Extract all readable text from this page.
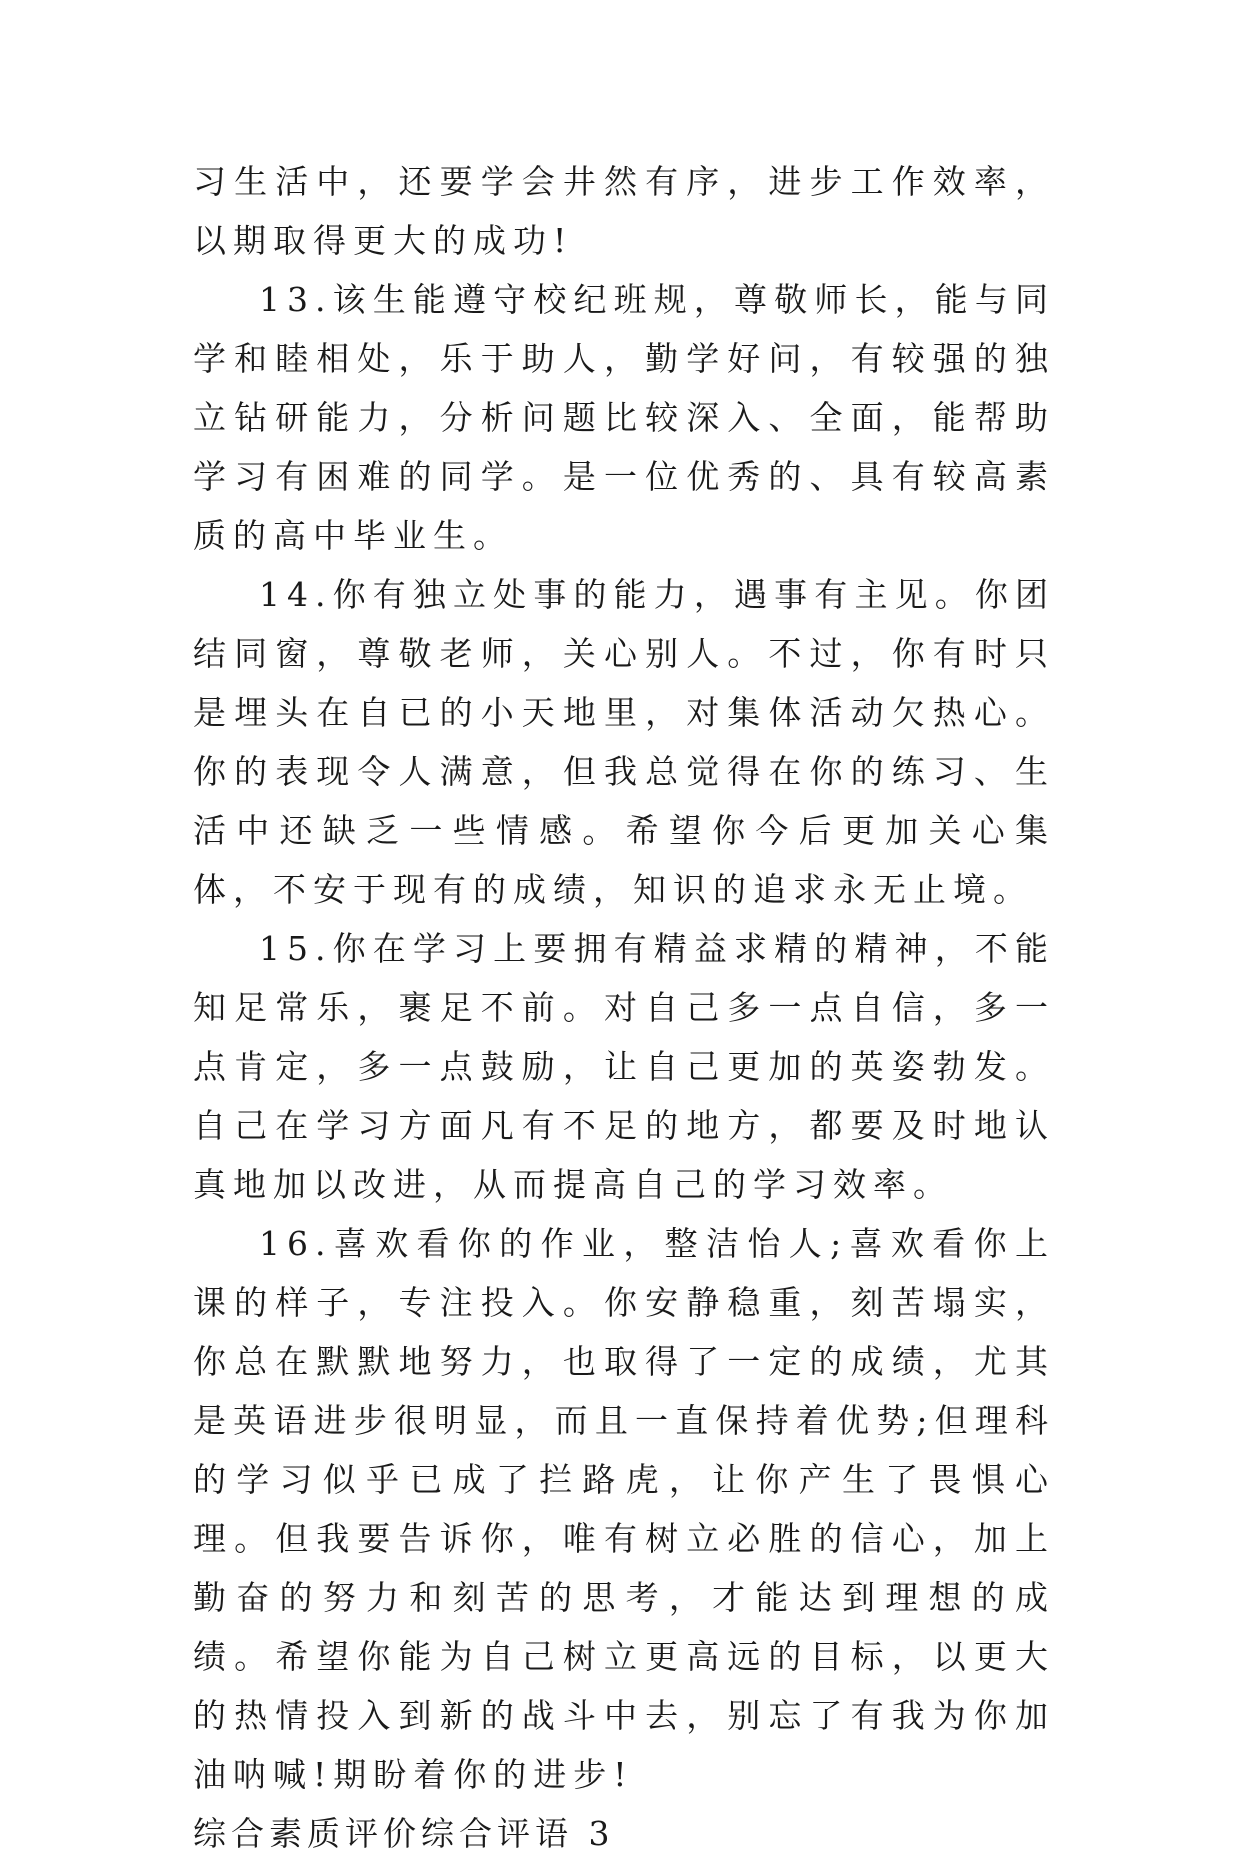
习生活中，还要学会井然有序，进步工作效率，以期取得更大的成功!

13.该生能遵守校纪班规，尊敬师长，能与同学和睦相处，乐于助人，勤学好问，有较强的独立钻研能力，分析问题比较深入、全面，能帮助学习有困难的同学。是一位优秀的、具有较高素质的高中毕业生。

14.你有独立处事的能力，遇事有主见。你团结同窗，尊敬老师，关心别人。不过，你有时只是埋头在自已的小天地里，对集体活动欠热心。你的表现令人满意，但我总觉得在你的练习、生活中还缺乏一些情感。希望你今后更加关心集体，不安于现有的成绩，知识的追求永无止境。

15.你在学习上要拥有精益求精的精神，不能知足常乐，裹足不前。对自己多一点自信，多一点肯定，多一点鼓励，让自己更加的英姿勃发。自己在学习方面凡有不足的地方，都要及时地认真地加以改进，从而提高自己的学习效率。

16.喜欢看你的作业，整洁怡人;喜欢看你上课的样子，专注投入。你安静稳重，刻苦塌实，你总在默默地努力，也取得了一定的成绩，尤其是英语进步很明显，而且一直保持着优势;但理科的学习似乎已成了拦路虎，让你产生了畏惧心理。但我要告诉你，唯有树立必胜的信心，加上勤奋的努力和刻苦的思考，才能达到理想的成绩。希望你能为自己树立更高远的目标，以更大的热情投入到新的战斗中去，别忘了有我为你加油呐喊!期盼着你的进步!

综合素质评价综合评语 3
